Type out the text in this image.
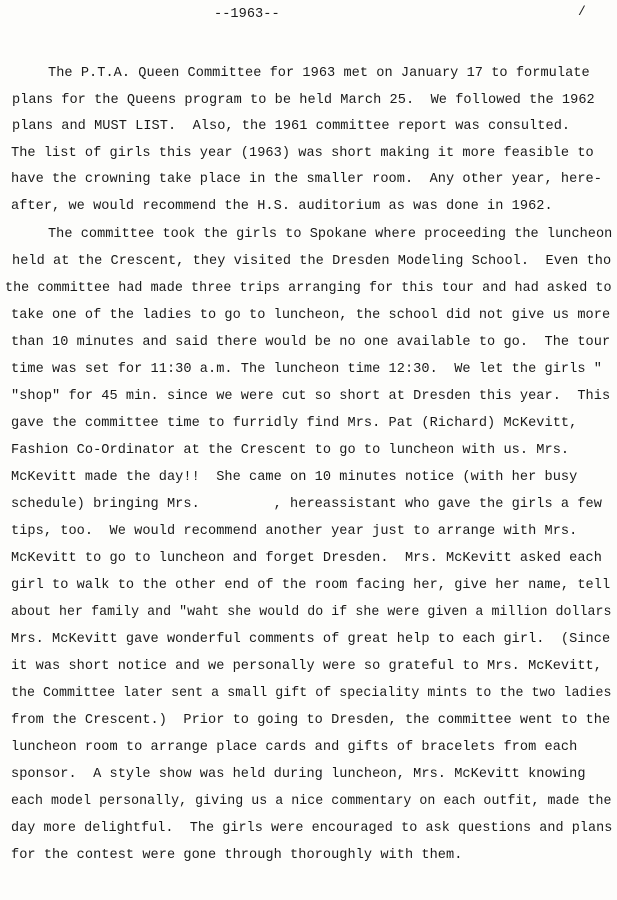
--1963--	/
The P.T.A. Queen Committee for 1963 met on January 17 to formulate
plans for the Queens program to be held March 25.  We followed the 1962
plans and MUST LIST.  Also, the 1961 committee report was consulted.
The list of girls this year (1963) was short making it more feasible to
have the crowning take place in the smaller room.  Any other year, here-
after, we would recommend the H.S. auditorium as was done in 1962.
The committee took the girls to Spokane where proceeding the luncheon
held at the Crescent, they visited the Dresden Modeling School.  Even tho
the committee had made three trips arranging for this tour and had asked to
take one of the ladies to go to luncheon, the school did not give us more
than 10 minutes and said there would be no one available to go.  The tour
time was set for 11:30 a.m. The luncheon time 12:30.  We let the girls "
"shop" for 45 min. since we were cut so short at Dresden this year.  This
gave the committee time to furridly find Mrs. Pat (Richard) McKevitt,
Fashion Co-Ordinator at the Crescent to go to luncheon with us. Mrs.
McKevitt made the day!!  She came on 10 minutes notice (with her busy
schedule) bringing Mrs.         , hereassistant who gave the girls a few
tips, too.  We would recommend another year just to arrange with Mrs.
McKevitt to go to luncheon and forget Dresden.  Mrs. McKevitt asked each
girl to walk to the other end of the room facing her, give her name, tell
about her family and "waht she would do if she were given a million dollars
Mrs. McKevitt gave wonderful comments of great help to each girl.  (Since
it was short notice and we personally were so grateful to Mrs. McKevitt,
the Committee later sent a small gift of speciality mints to the two ladies
from the Crescent.)  Prior to going to Dresden, the committee went to the
luncheon room to arrange place cards and gifts of bracelets from each
sponsor.  A style show was held during luncheon, Mrs. McKevitt knowing
each model personally, giving us a nice commentary on each outfit, made the
day more delightful.  The girls were encouraged to ask questions and plans
for the contest were gone through thoroughly with them.
